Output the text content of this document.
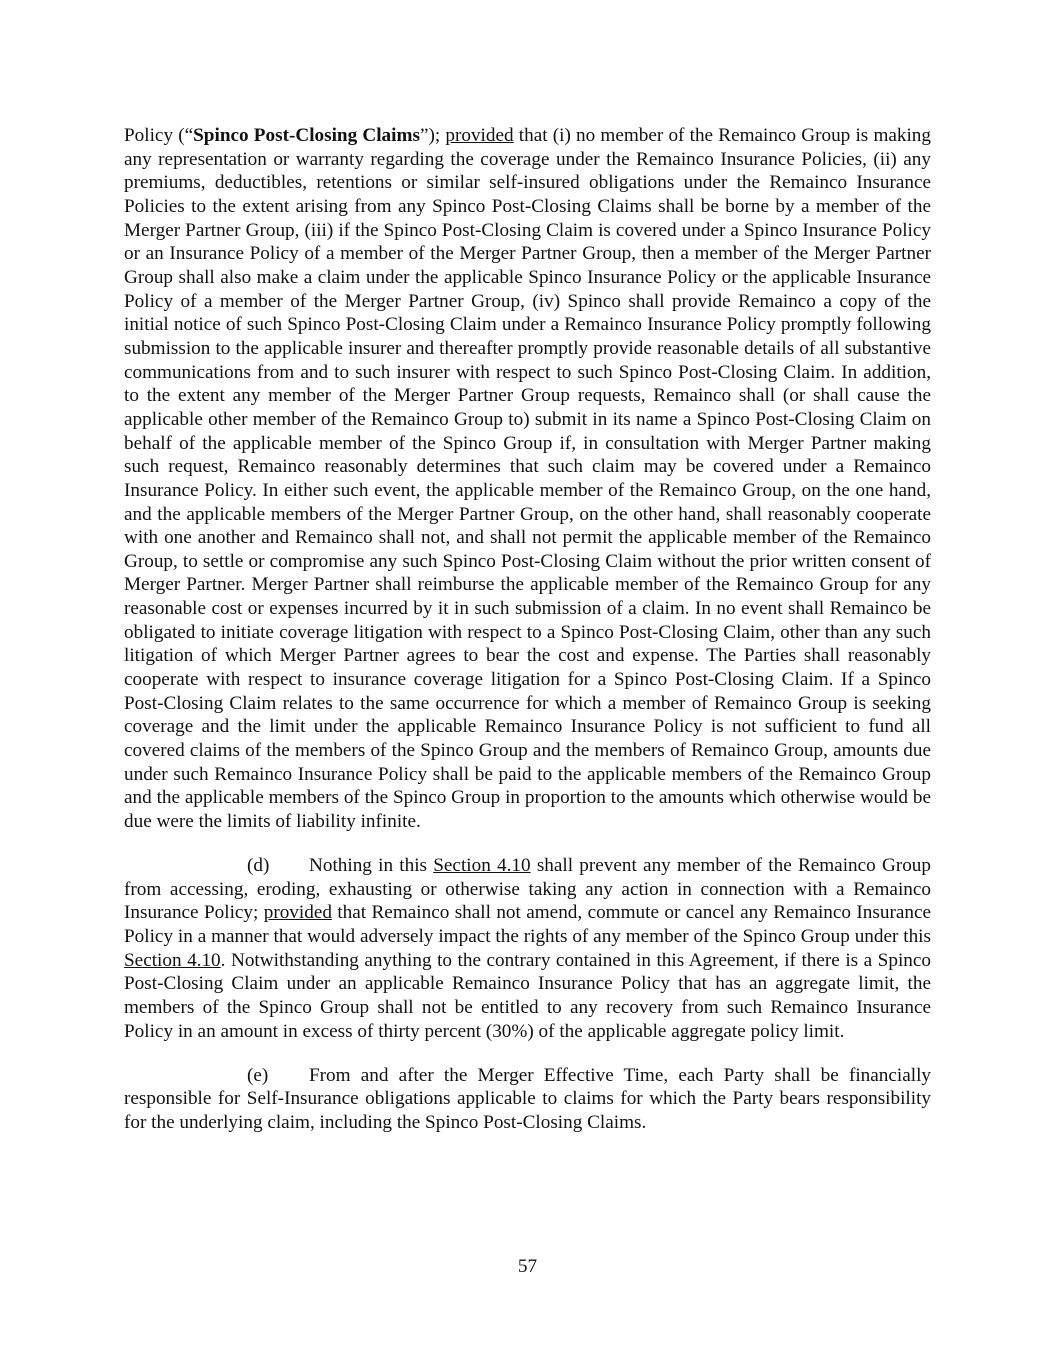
Policy (“Spinco Post-Closing Claims”); provided that (i) no member of the Remainco Group is making any representation or warranty regarding the coverage under the Remainco Insurance Policies, (ii) any premiums, deductibles, retentions or similar self-insured obligations under the Remainco Insurance Policies to the extent arising from any Spinco Post-Closing Claims shall be borne by a member of the Merger Partner Group, (iii) if the Spinco Post-Closing Claim is covered under a Spinco Insurance Policy or an Insurance Policy of a member of the Merger Partner Group, then a member of the Merger Partner Group shall also make a claim under the applicable Spinco Insurance Policy or the applicable Insurance Policy of a member of the Merger Partner Group, (iv) Spinco shall provide Remainco a copy of the initial notice of such Spinco Post-Closing Claim under a Remainco Insurance Policy promptly following submission to the applicable insurer and thereafter promptly provide reasonable details of all substantive communications from and to such insurer with respect to such Spinco Post-Closing Claim. In addition, to the extent any member of the Merger Partner Group requests, Remainco shall (or shall cause the applicable other member of the Remainco Group to) submit in its name a Spinco Post-Closing Claim on behalf of the applicable member of the Spinco Group if, in consultation with Merger Partner making such request, Remainco reasonably determines that such claim may be covered under a Remainco Insurance Policy. In either such event, the applicable member of the Remainco Group, on the one hand, and the applicable members of the Merger Partner Group, on the other hand, shall reasonably cooperate with one another and Remainco shall not, and shall not permit the applicable member of the Remainco Group, to settle or compromise any such Spinco Post-Closing Claim without the prior written consent of Merger Partner. Merger Partner shall reimburse the applicable member of the Remainco Group for any reasonable cost or expenses incurred by it in such submission of a claim. In no event shall Remainco be obligated to initiate coverage litigation with respect to a Spinco Post-Closing Claim, other than any such litigation of which Merger Partner agrees to bear the cost and expense. The Parties shall reasonably cooperate with respect to insurance coverage litigation for a Spinco Post-Closing Claim. If a Spinco Post-Closing Claim relates to the same occurrence for which a member of Remainco Group is seeking coverage and the limit under the applicable Remainco Insurance Policy is not sufficient to fund all covered claims of the members of the Spinco Group and the members of Remainco Group, amounts due under such Remainco Insurance Policy shall be paid to the applicable members of the Remainco Group and the applicable members of the Spinco Group in proportion to the amounts which otherwise would be due were the limits of liability infinite.

(d) Nothing in this Section 4.10 shall prevent any member of the Remainco Group from accessing, eroding, exhausting or otherwise taking any action in connection with a Remainco Insurance Policy; provided that Remainco shall not amend, commute or cancel any Remainco Insurance Policy in a manner that would adversely impact the rights of any member of the Spinco Group under this Section 4.10. Notwithstanding anything to the contrary contained in this Agreement, if there is a Spinco Post-Closing Claim under an applicable Remainco Insurance Policy that has an aggregate limit, the members of the Spinco Group shall not be entitled to any recovery from such Remainco Insurance Policy in an amount in excess of thirty percent (30%) of the applicable aggregate policy limit.

(e) From and after the Merger Effective Time, each Party shall be financially responsible for Self-Insurance obligations applicable to claims for which the Party bears responsibility for the underlying claim, including the Spinco Post-Closing Claims.

57
